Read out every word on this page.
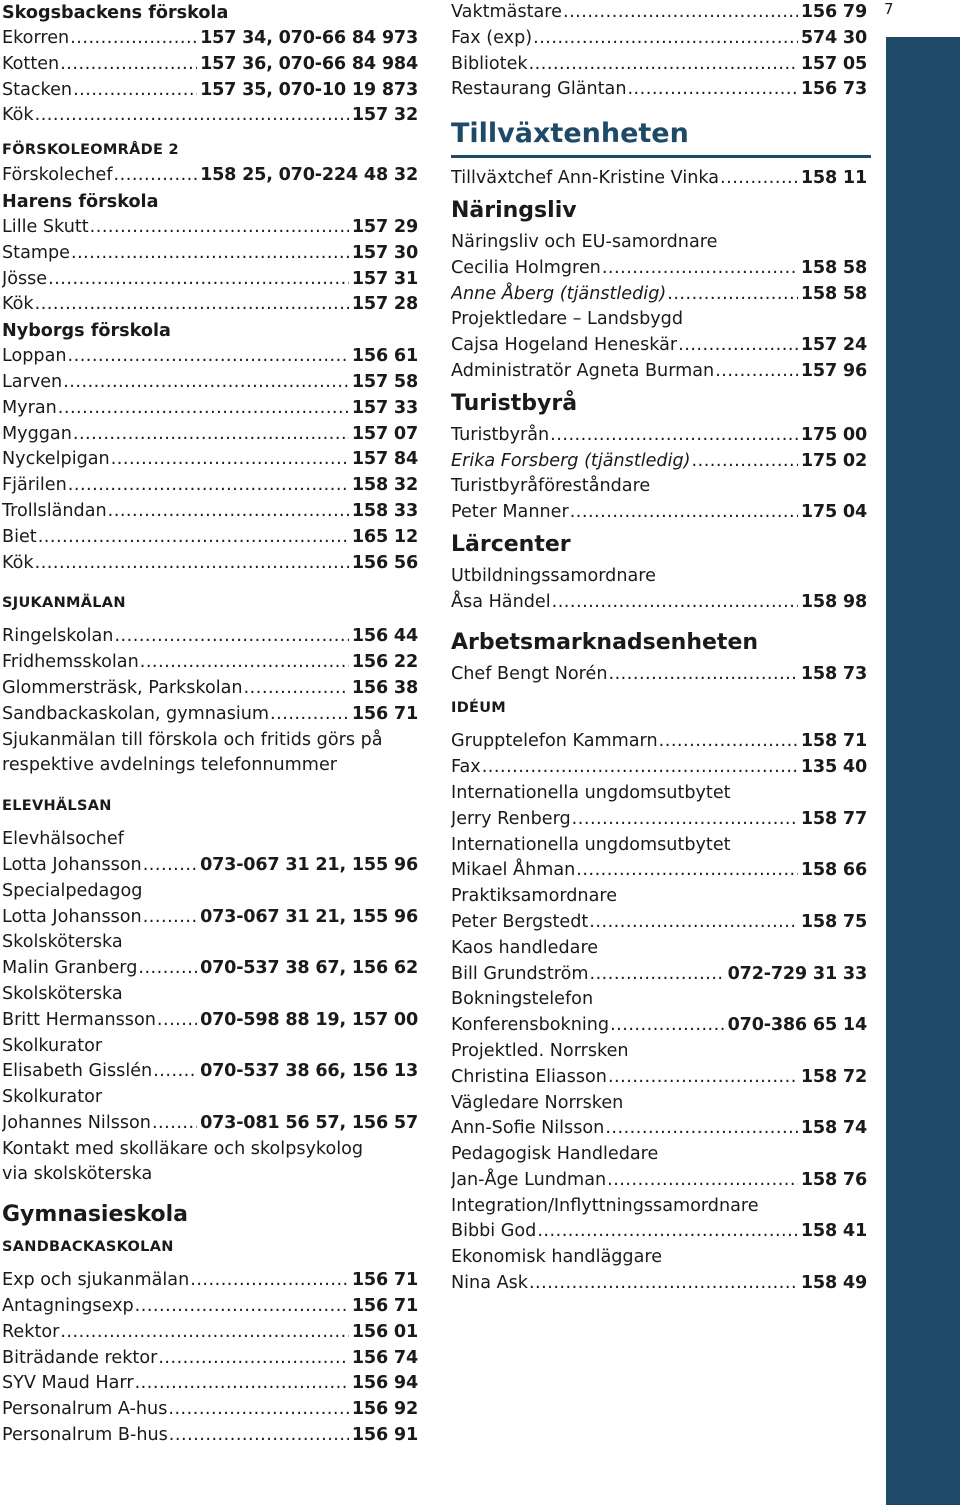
7
Skogsbackens förskola
Ekorren .....	157 34, 070-66 84 973
Kotten .....	157 36, 070-66 84 984
Stacken .....	157 35, 070-10 19 873
Kök .....	157 32
FÖRSKOLEOMRÅDE 2
Förskolechef .....	158 25, 070-224 48 32
Harens förskola
Lille Skutt .....	157 29
Stampe .....	157 30
Jösse .....	157 31
Kök .....	157 28
Nyborgs förskola
Loppan .....	156 61
Larven .....	157 58
Myran .....	157 33
Myggan .....	157 07
Nyckelpigan .....	157 84
Fjärilen .....	158 32
Trollsländan .....	158 33
Biet .....	165 12
Kök .....	156 56
SJUKANMÄLAN
Ringelskolan .....	156 44
Fridhemsskolan .....	156 22
Glommersträsk, Parkskolan .....	156 38
Sandbackaskolan, gymnasium .....	156 71
Sjukanmälan till förskola och fritids görs på
respektive avdelnings telefonnummer
ELEVHÄLSAN
Elevhälsochef
Lotta Johansson .....	073-067 31 21, 155 96
Specialpedagog
Lotta Johansson .....	073-067 31 21, 155 96
Skolsköterska
Malin Granberg .....	070-537 38 67, 156 62
Skolsköterska
Britt Hermansson .....	070-598 88 19, 157 00
Skolkurator
Elisabeth Gisslén .....	070-537 38 66, 156 13
Skolkurator
Johannes Nilsson .....	073-081 56 57, 156 57
Kontakt med skolläkare och skolpsykolog
via skolsköterska
Gymnasieskola
SANDBACKASKOLAN
Exp och sjukanmälan .....	156 71
Antagningsexp .....	156 71
Rektor .....	156 01
Biträdande rektor .....	156 74
SYV Maud Harr .....	156 94
Personalrum A-hus .....	156 92
Personalrum B-hus .....	156 91
Vaktmästare .....	156 79
Fax (exp) .....	574 30
Bibliotek .....	157 05
Restaurang Gläntan .....	156 73
Tillväxtenheten
Tillväxtchef Ann-Kristine Vinka .....	158 11
Näringsliv
Näringsliv och EU-samordnare
Cecilia Holmgren .....	158 58
Anne Åberg (tjänstledig) .....	158 58
Projektledare – Landsbygd
Cajsa Hogeland Heneskär .....	157 24
Administratör Agneta Burman .....	157 96
Turistbyrå
Turistbyrån .....	175 00
Erika Forsberg (tjänstledig) .....	175 02
Turistbyråföreståndare
Peter Manner .....	175 04
Lärcenter
Utbildningssamordnare
Åsa Händel .....	158 98
Arbetsmarknadsenheten
Chef Bengt Norén .....	158 73
IDÉUM
Grupptelefon Kammarn .....	158 71
Fax .....	135 40
Internationella ungdomsutbytet
Jerry Renberg .....	158 77
Internationella ungdomsutbytet
Mikael Åhman .....	158 66
Praktiksamordnare
Peter Bergstedt .....	158 75
Kaos handledare
Bill Grundström .....	072-729 31 33
Bokningstelefon
Konferensbokning .....	070-386 65 14
Projektled. Norrsken
Christina Eliasson .....	158 72
Vägledare Norrsken
Ann-Sofie Nilsson .....	158 74
Pedagogisk Handledare
Jan-Åge Lundman .....	158 76
Integration/Inflyttningssamordnare
Bibbi God .....	158 41
Ekonomisk handläggare
Nina Ask .....	158 49
